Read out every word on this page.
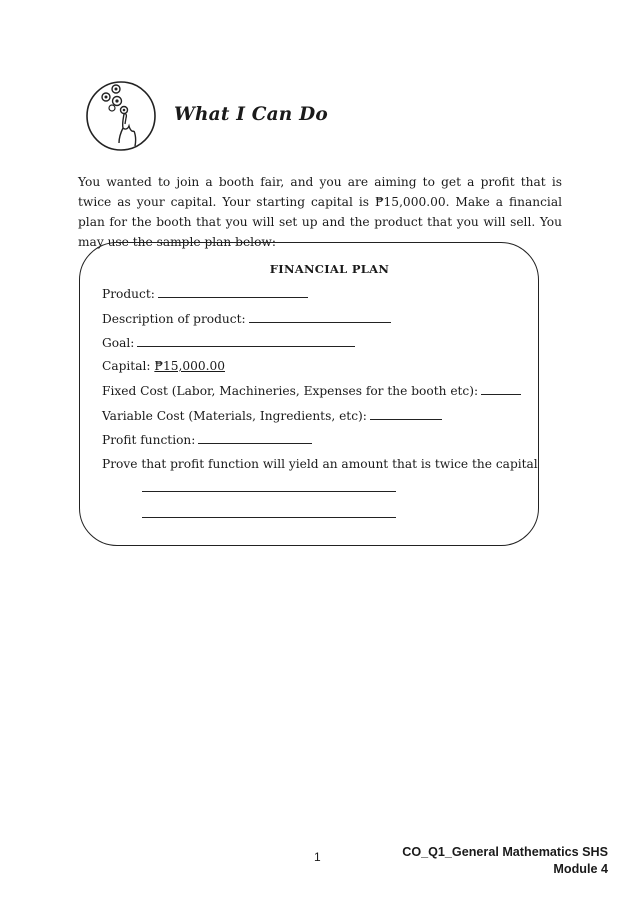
What I Can Do
You wanted to join a booth fair, and you are aiming to get a profit that is twice as your capital. Your starting capital is ₱15,000.00. Make a financial plan for the booth that you will set up and the product that you will sell. You may use the sample plan below:
FINANCIAL PLAN
Product:
Description of product:
Goal:
Capital: ₱15,000.00
Fixed Cost (Labor, Machineries, Expenses for the booth etc):
Variable Cost (Materials, Ingredients, etc):
Profit function:
Prove that profit function will yield an amount that is twice the capital
1	CO_Q1_General Mathematics SHS
Module 4
